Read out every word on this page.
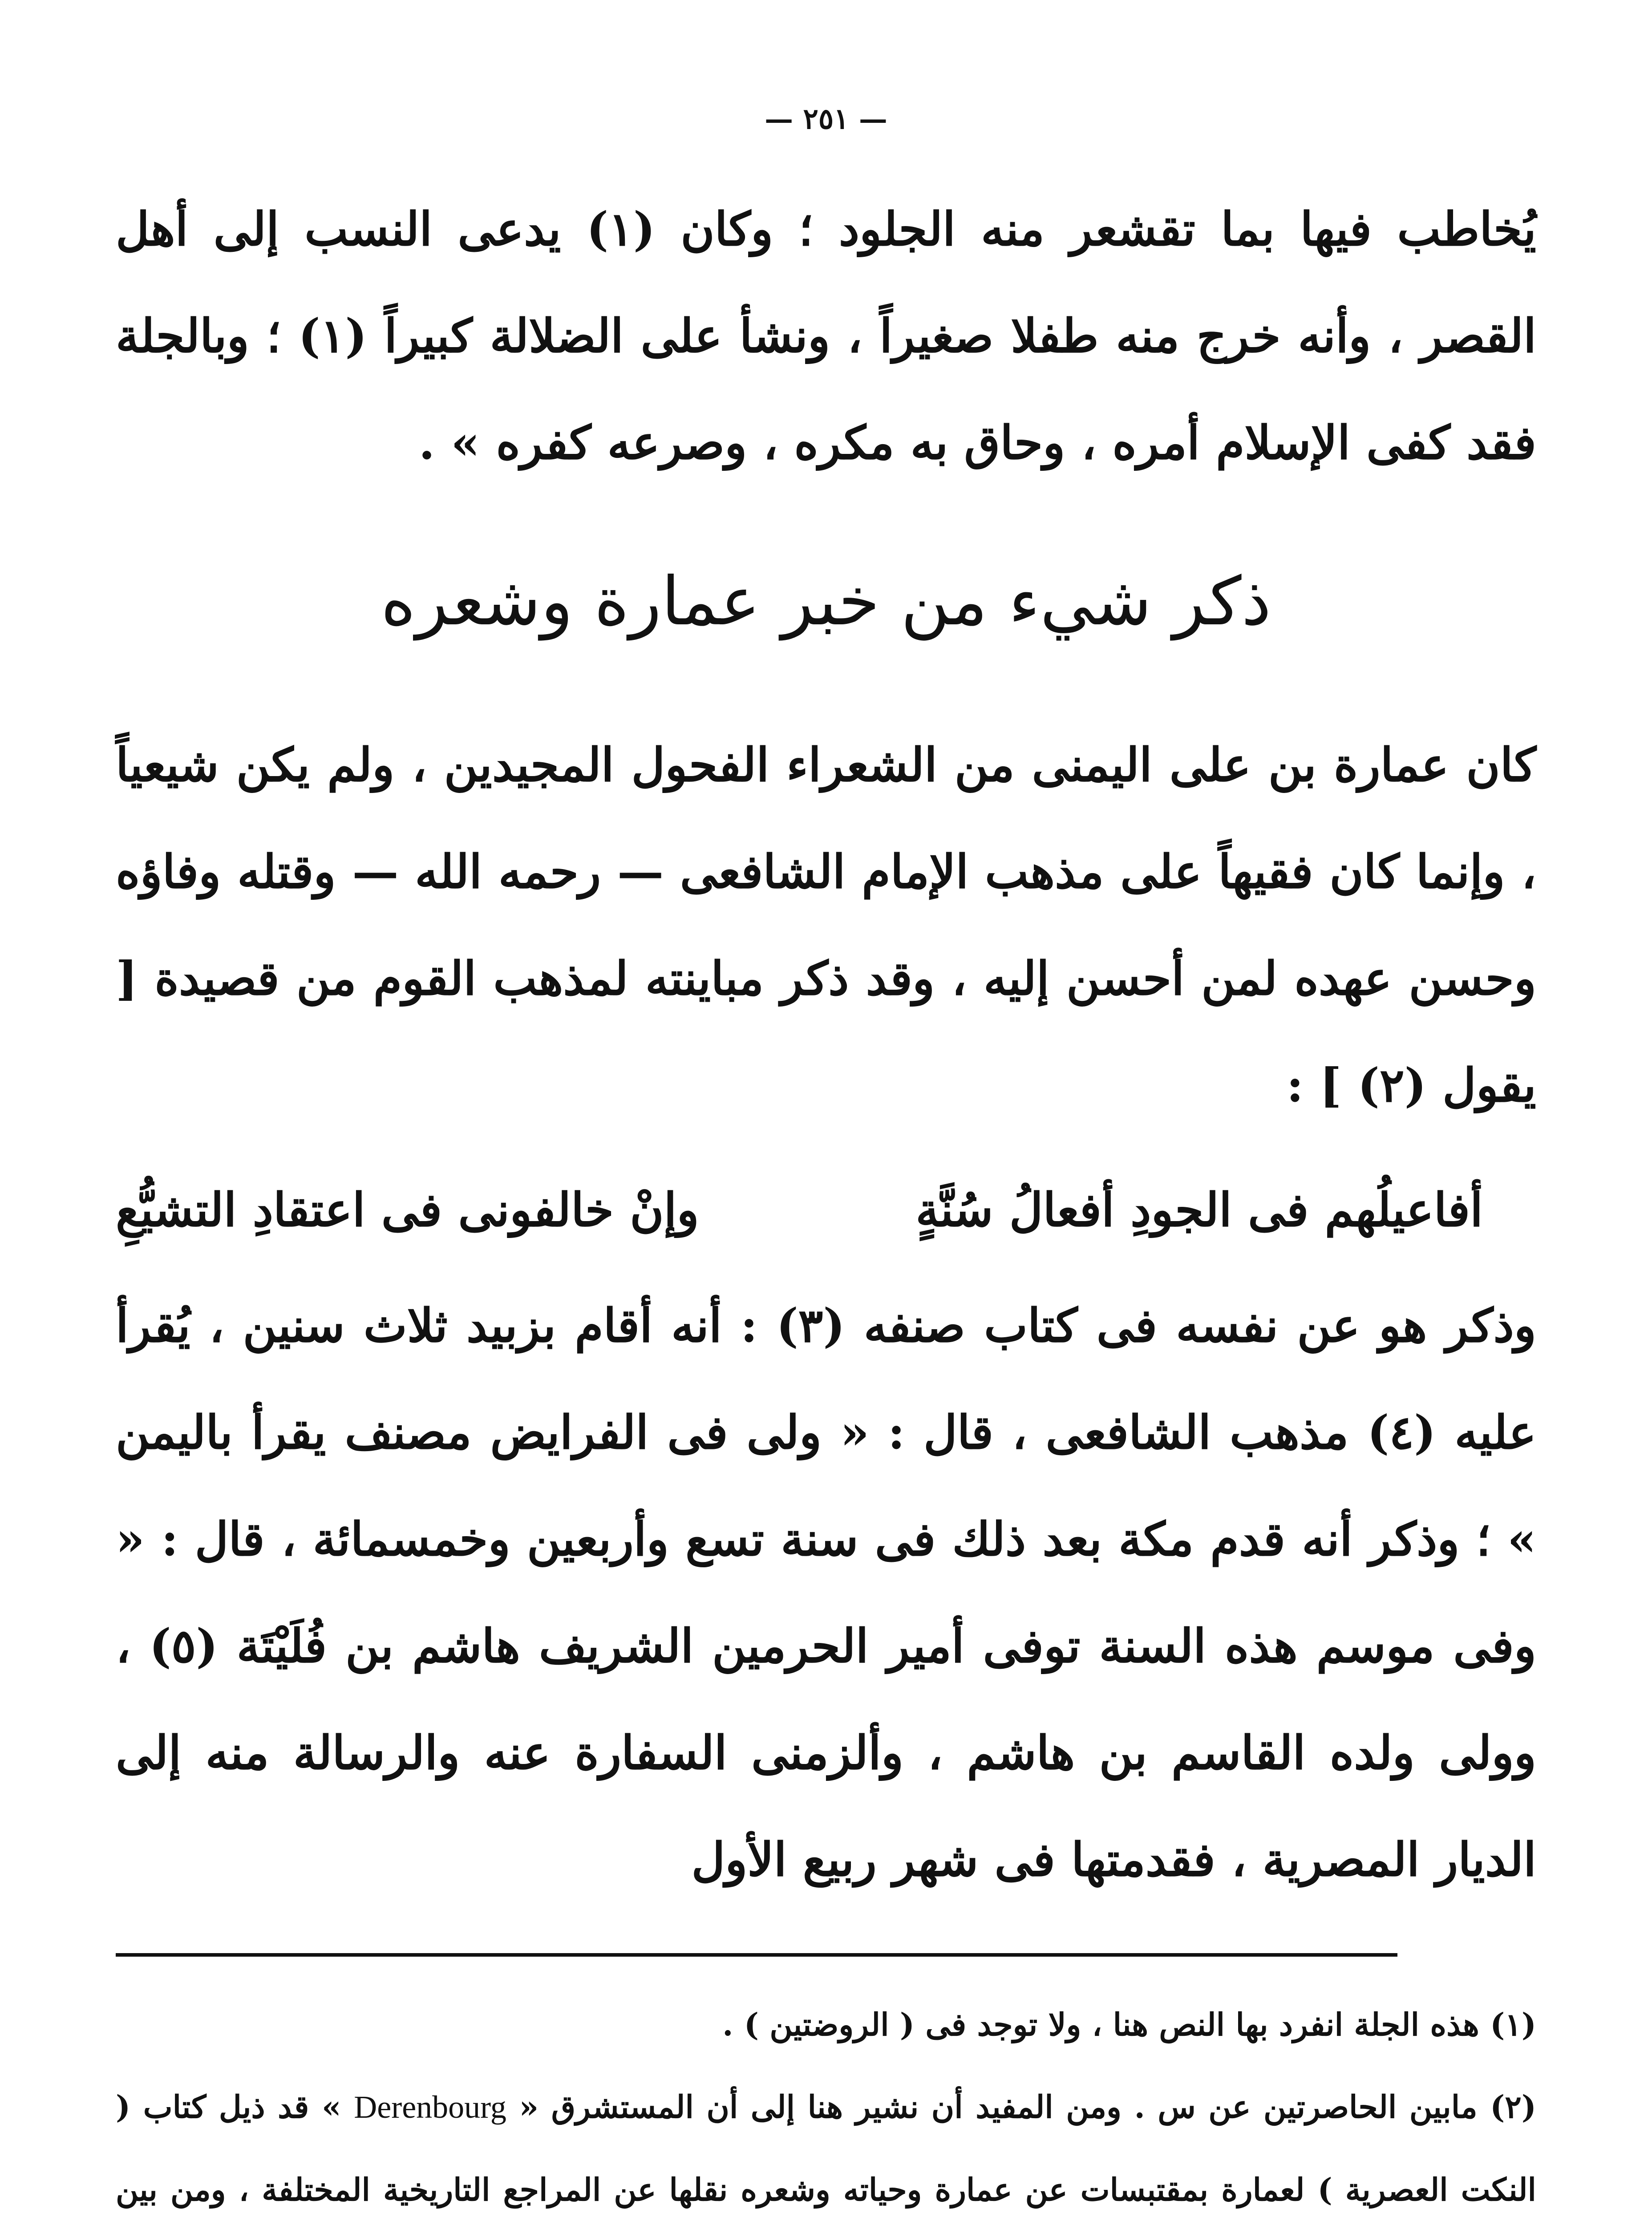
— ٢٥١ —

يُخاطب فيها بما تقشعر منه الجلود ؛ وكان (١) يدعى النسب إلى أهل القصر ، وأنه خرج منه طفلا صغيراً ، ونشأ على الضلالة كبيراً (١) ؛ وبالجلة فقد كفى الإسلام أمره ، وحاق به مكره ، وصرعه كفره » .

ذكر شيء من خبر عمارة وشعره

كان عمارة بن على اليمنى من الشعراء الفحول المجيدين ، ولم يكن شيعياً ، وإنما كان فقيهاً على مذهب الإمام الشافعى — رحمه الله — وقتله وفاؤه وحسن عهده لمن أحسن إليه ، وقد ذكر مباينته لمذهب القوم من قصيدة [ يقول (٢) ] :

أفاعيلُهم فى الجودِ أفعالُ سُنَّةٍ
وإنْ خالفونى فى اعتقادِ التشيُّعِ

وذكر هو عن نفسه فى كتاب صنفه (٣) : أنه أقام بزبيد ثلاث سنين ، يُقرأ عليه (٤) مذهب الشافعى ، قال : « ولى فى الفرايض مصنف يقرأ باليمن » ؛ وذكر أنه قدم مكة بعد ذلك فى سنة تسع وأربعين وخمسمائة ، قال : « وفى موسم هذه السنة توفى أمير الحرمين الشريف هاشم بن فُلَيْتَة (٥) ، وولى ولده القاسم بن هاشم ، وألزمنى السفارة عنه والرسالة منه إلى الديار المصرية ، فقدمتها فى شهر ربيع الأول

(١) هذه الجلة انفرد بها النص هنا ، ولا توجد فى ( الروضتين ) .

(٢) مابين الحاصرتين عن س . ومن المفيد أن نشير هنا إلى أن المستشرق « Derenbourg » قد ذيل كتاب ( النكت العصرية ) لعمارة بمقتبسات عن عمارة وحياته وشعره نقلها عن المراجع التاريخية المختلفة ، ومن بين
